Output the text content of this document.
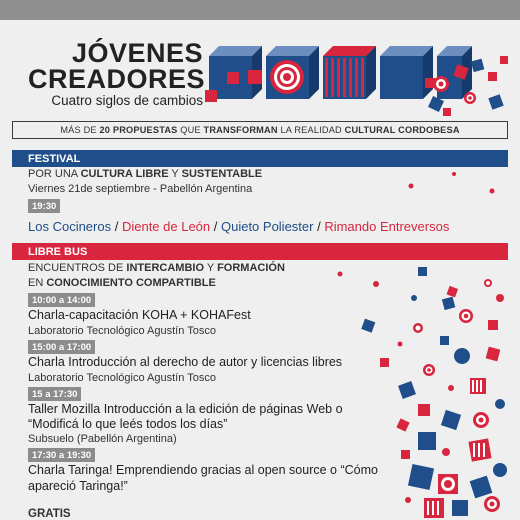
JÓVENES
CREADORES
Cuatro siglos de cambios
MÁS DE 20 PROPUESTAS QUE TRANSFORMAN LA REALIDAD CULTURAL CORDOBESA
FESTIVAL
POR UNA CULTURA LIBRE Y SUSTENTABLE
Viernes 21de septiembre - Pabellón Argentina
19:30
Los Cocineros / Diente de León / Quieto Poliester / Rimando Entreversos
LIBRE BUS
ENCUENTROS DE INTERCAMBIO Y FORMACIÓN
EN CONOCIMIENTO COMPARTIBLE
10:00 a 14:00
Charla-capacitación KOHA + KOHAFest
Laboratorio Tecnológico Agustín Tosco
15:00 a 17:00
Charla Introducción al derecho de autor y licencias libres
Laboratorio Tecnológico Agustín Tosco
15 a 17:30
Taller Mozilla Introducción a la edición de páginas Web o
“Modificá lo que leés todos los días”
Subsuelo (Pabellón Argentina)
17:30 a 19:30
Charla Taringa! Emprendiendo gracias al open source o “Cómo
apareció Taringa!”
GRATIS
